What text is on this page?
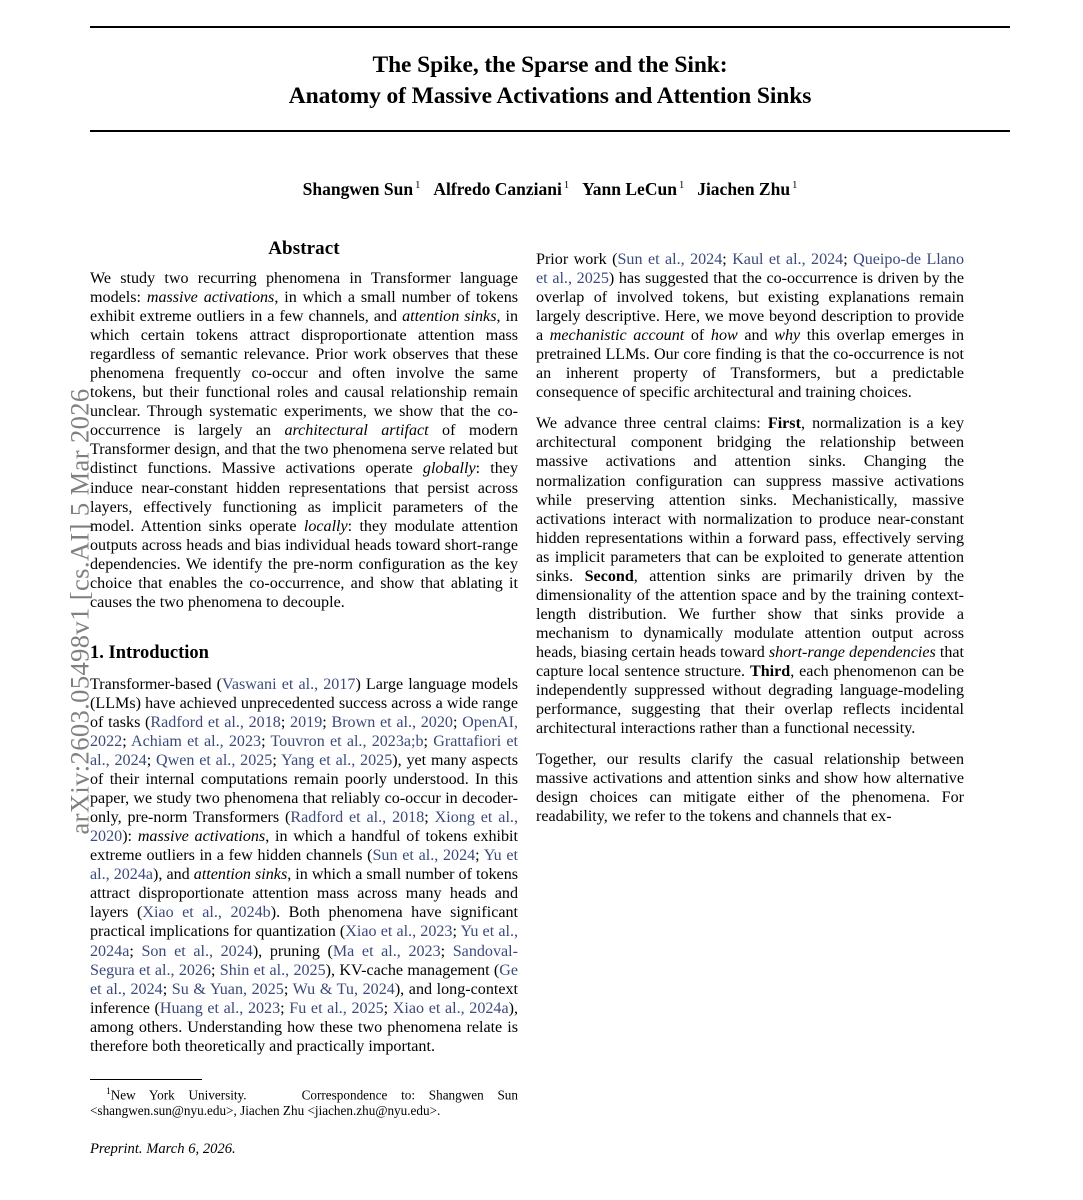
arXiv:2603.05498v1 [cs.AI] 5 Mar 2026
The Spike, the Sparse and the Sink:
Anatomy of Massive Activations and Attention Sinks
Shangwen Sun $^1$ Alfredo Canziani $^1$ Yann LeCun $^1$ Jiachen Zhu $^1$
Abstract

We study two recurring phenomena in Transformer language models: massive activations, in which a small number of tokens exhibit extreme outliers in a few channels, and attention sinks, in which certain tokens attract disproportionate attention mass regardless of semantic relevance. Prior work observes that these phenomena frequently co-occur and often involve the same tokens, but their functional roles and causal relationship remain unclear. Through systematic experiments, we show that the co-occurrence is largely an architectural artifact of modern Transformer design, and that the two phenomena serve related but distinct functions. Massive activations operate globally: they induce near-constant hidden representations that persist across layers, effectively functioning as implicit parameters of the model. Attention sinks operate locally: they modulate attention outputs across heads and bias individual heads toward short-range dependencies. We identify the pre-norm configuration as the key choice that enables the co-occurrence, and show that ablating it causes the two phenomena to decouple.

1. Introduction

Transformer-based (Vaswani et al., 2017) Large language models (LLMs) have achieved unprecedented success across a wide range of tasks (Radford et al., 2018; 2019; Brown et al., 2020; OpenAI, 2022; Achiam et al., 2023; Touvron et al., 2023a;b; Grattafiori et al., 2024; Qwen et al., 2025; Yang et al., 2025), yet many aspects of their internal computations remain poorly understood. In this paper, we study two phenomena that reliably co-occur in decoder-only, pre-norm Transformers (Radford et al., 2018; Xiong et al., 2020): massive activations, in which a handful of tokens exhibit extreme outliers in a few hidden channels (Sun et al., 2024; Yu et al., 2024a), and attention sinks, in which a small number of tokens attract disproportionate attention mass across many heads and layers (Xiao et al., 2024b). Both phenomena have significant practical implications for quantization (Xiao et al., 2023; Yu et al., 2024a; Son et al., 2024), pruning (Ma et al., 2023; Sandoval-Segura et al., 2026; Shin et al., 2025), KV-cache management (Ge et al., 2024; Su & Yuan, 2025; Wu & Tu, 2024), and long-context inference (Huang et al., 2023; Fu et al., 2025; Xiao et al., 2024a), among others. Understanding how these two phenomena relate is therefore both theoretically and practically important.

Prior work (Sun et al., 2024; Kaul et al., 2024; Queipo-de Llano et al., 2025) has suggested that the co-occurrence is driven by the overlap of involved tokens, but existing explanations remain largely descriptive. Here, we move beyond description to provide a mechanistic account of how and why this overlap emerges in pretrained LLMs. Our core finding is that the co-occurrence is not an inherent property of Transformers, but a predictable consequence of specific architectural and training choices.

We advance three central claims: First, normalization is a key architectural component bridging the relationship between massive activations and attention sinks. Changing the normalization configuration can suppress massive activations while preserving attention sinks. Mechanistically, massive activations interact with normalization to produce near-constant hidden representations within a forward pass, effectively serving as implicit parameters that can be exploited to generate attention sinks. Second, attention sinks are primarily driven by the dimensionality of the attention space and by the training context-length distribution. We further show that sinks provide a mechanism to dynamically modulate attention output across heads, biasing certain heads toward short-range dependencies that capture local sentence structure. Third, each phenomenon can be independently suppressed without degrading language-modeling performance, suggesting that their overlap reflects incidental architectural interactions rather than a functional necessity.

Together, our results clarify the casual relationship between massive activations and attention sinks and show how alternative design choices can mitigate either of the phenomena. For readability, we refer to the tokens and channels that ex-

$^1$New York University.    Correspondence to: Shangwen Sun <shangwen.sun@nyu.edu>, Jiachen Zhu <jiachen.zhu@nyu.edu>.

Preprint. March 6, 2026.
